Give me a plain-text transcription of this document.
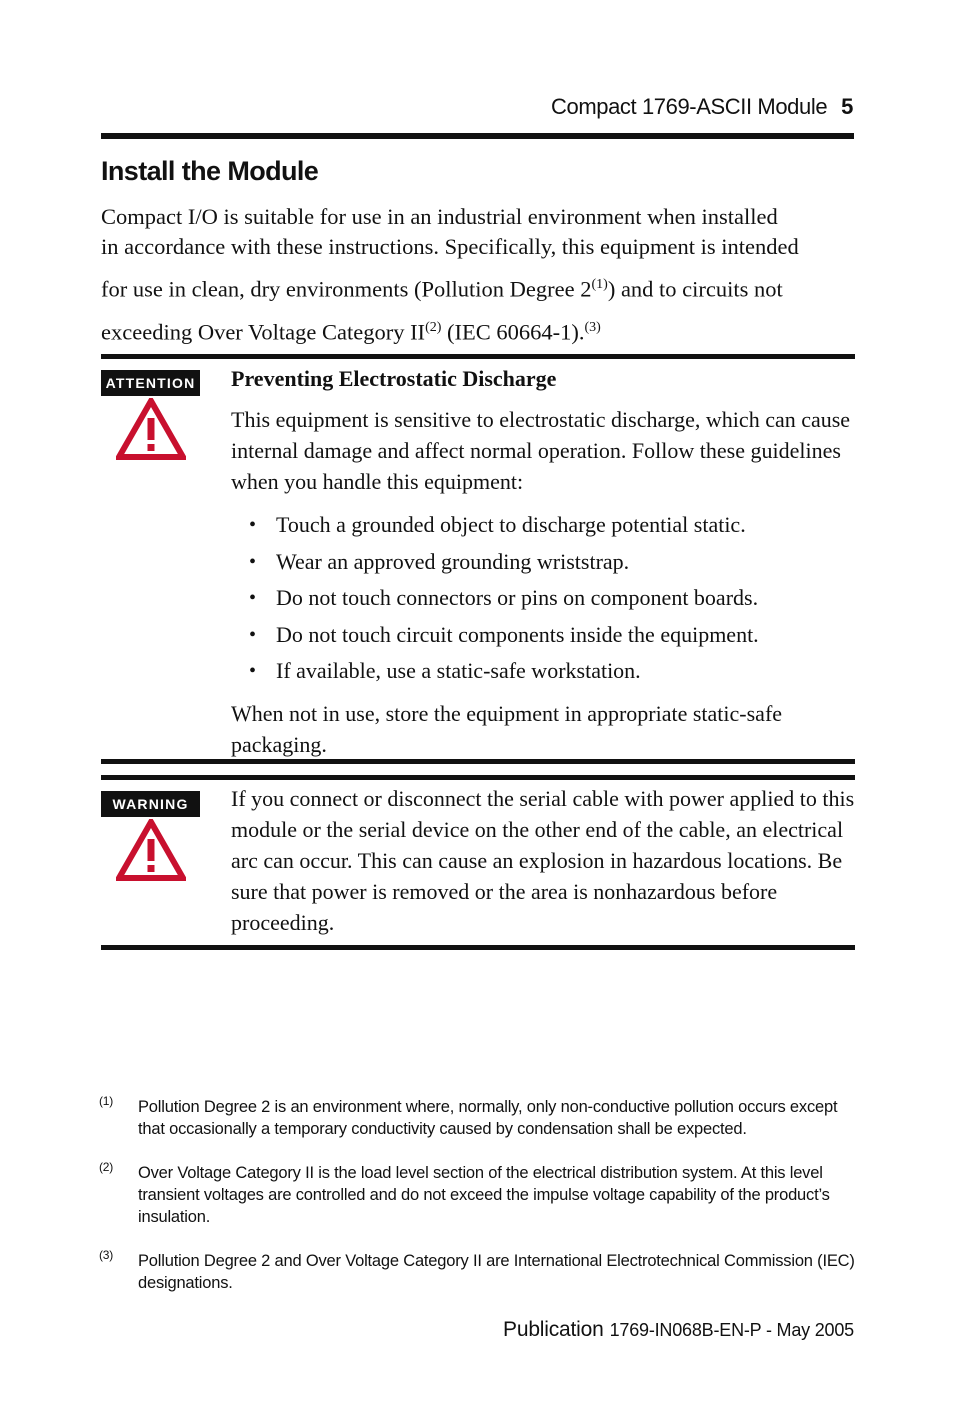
Compact 1769-ASCII Module 5
Install the Module

Compact I/O is suitable for use in an industrial environment when installed
in accordance with these instructions. Specifically, this equipment is intended
for use in clean, dry environments (Pollution Degree 2$^{(1)}$) and to circuits not
exceeding Over Voltage Category II$^{(2)}$ (IEC 60664-1).$^{(3)}$

ATTENTION Preventing Electrostatic Discharge

This equipment is sensitive to electrostatic discharge, which can cause internal damage and affect normal operation. Follow these guidelines when you handle this equipment:

• Touch a grounded object to discharge potential static.
• Wear an approved grounding wriststrap.
• Do not touch connectors or pins on component boards.
• Do not touch circuit components inside the equipment.
• If available, use a static-safe workstation.

When not in use, store the equipment in appropriate static-safe packaging.

WARNING	If you connect or disconnect the serial cable with power applied to this module or the serial device on the other end of the cable, an electrical arc can occur. This can cause an explosion in hazardous locations. Be sure that power is removed or the area is nonhazardous before proceeding.

(1) Pollution Degree 2 is an environment where, normally, only non-conductive pollution occurs except that occasionally a temporary conductivity caused by condensation shall be expected.
(2) Over Voltage Category II is the load level section of the electrical distribution system. At this level transient voltages are controlled and do not exceed the impulse voltage capability of the product’s insulation.
(3) Pollution Degree 2 and Over Voltage Category II are International Electrotechnical Commission (IEC) designations.
Publication 1769-IN068B-EN-P - May 2005
